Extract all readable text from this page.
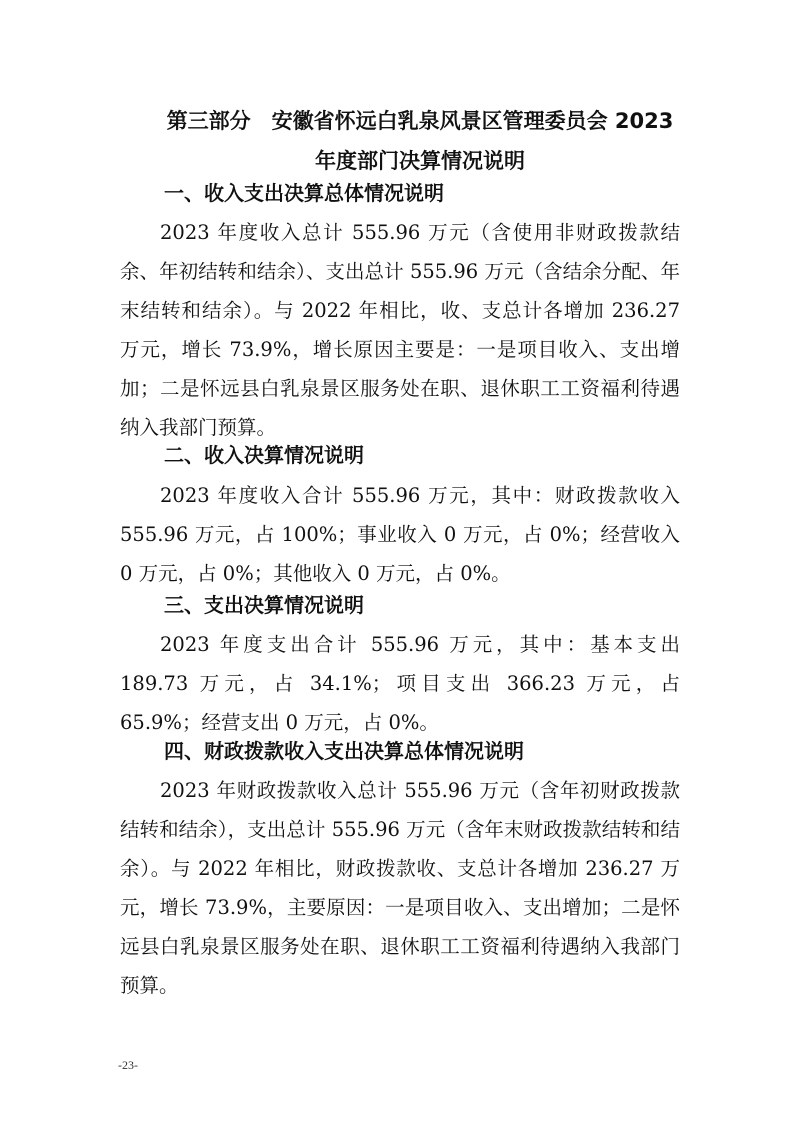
第三部分　安徽省怀远白乳泉风景区管理委员会 2023

年度部门决算情况说明

一、收入支出决算总体情况说明

2023 年度收入总计 555.96 万元（含使用非财政拨款结余、年初结转和结余）、支出总计 555.96 万元（含结余分配、年末结转和结余）。与 2022 年相比，收、支总计各增加 236.27 万元，增长 73.9%，增长原因主要是：一是项目收入、支出增加；二是怀远县白乳泉景区服务处在职、退休职工工资福利待遇纳入我部门预算。

二、收入决算情况说明

2023 年度收入合计 555.96 万元，其中：财政拨款收入 555.96 万元，占 100%；事业收入 0 万元，占 0%；经营收入 0 万元，占 0%；其他收入 0 万元，占 0%。

三、支出决算情况说明

2023 年度支出合计 555.96 万元，其中：基本支出 189.73 万元，占 34.1%；项目支出 366.23 万元，占 65.9%；经营支出 0 万元，占 0%。

四、财政拨款收入支出决算总体情况说明

2023 年财政拨款收入总计 555.96 万元（含年初财政拨款结转和结余），支出总计 555.96 万元（含年末财政拨款结转和结余）。与 2022 年相比，财政拨款收、支总计各增加 236.27 万元，增长 73.9%，主要原因：一是项目收入、支出增加；二是怀远县白乳泉景区服务处在职、退休职工工资福利待遇纳入我部门预算。

-23-
